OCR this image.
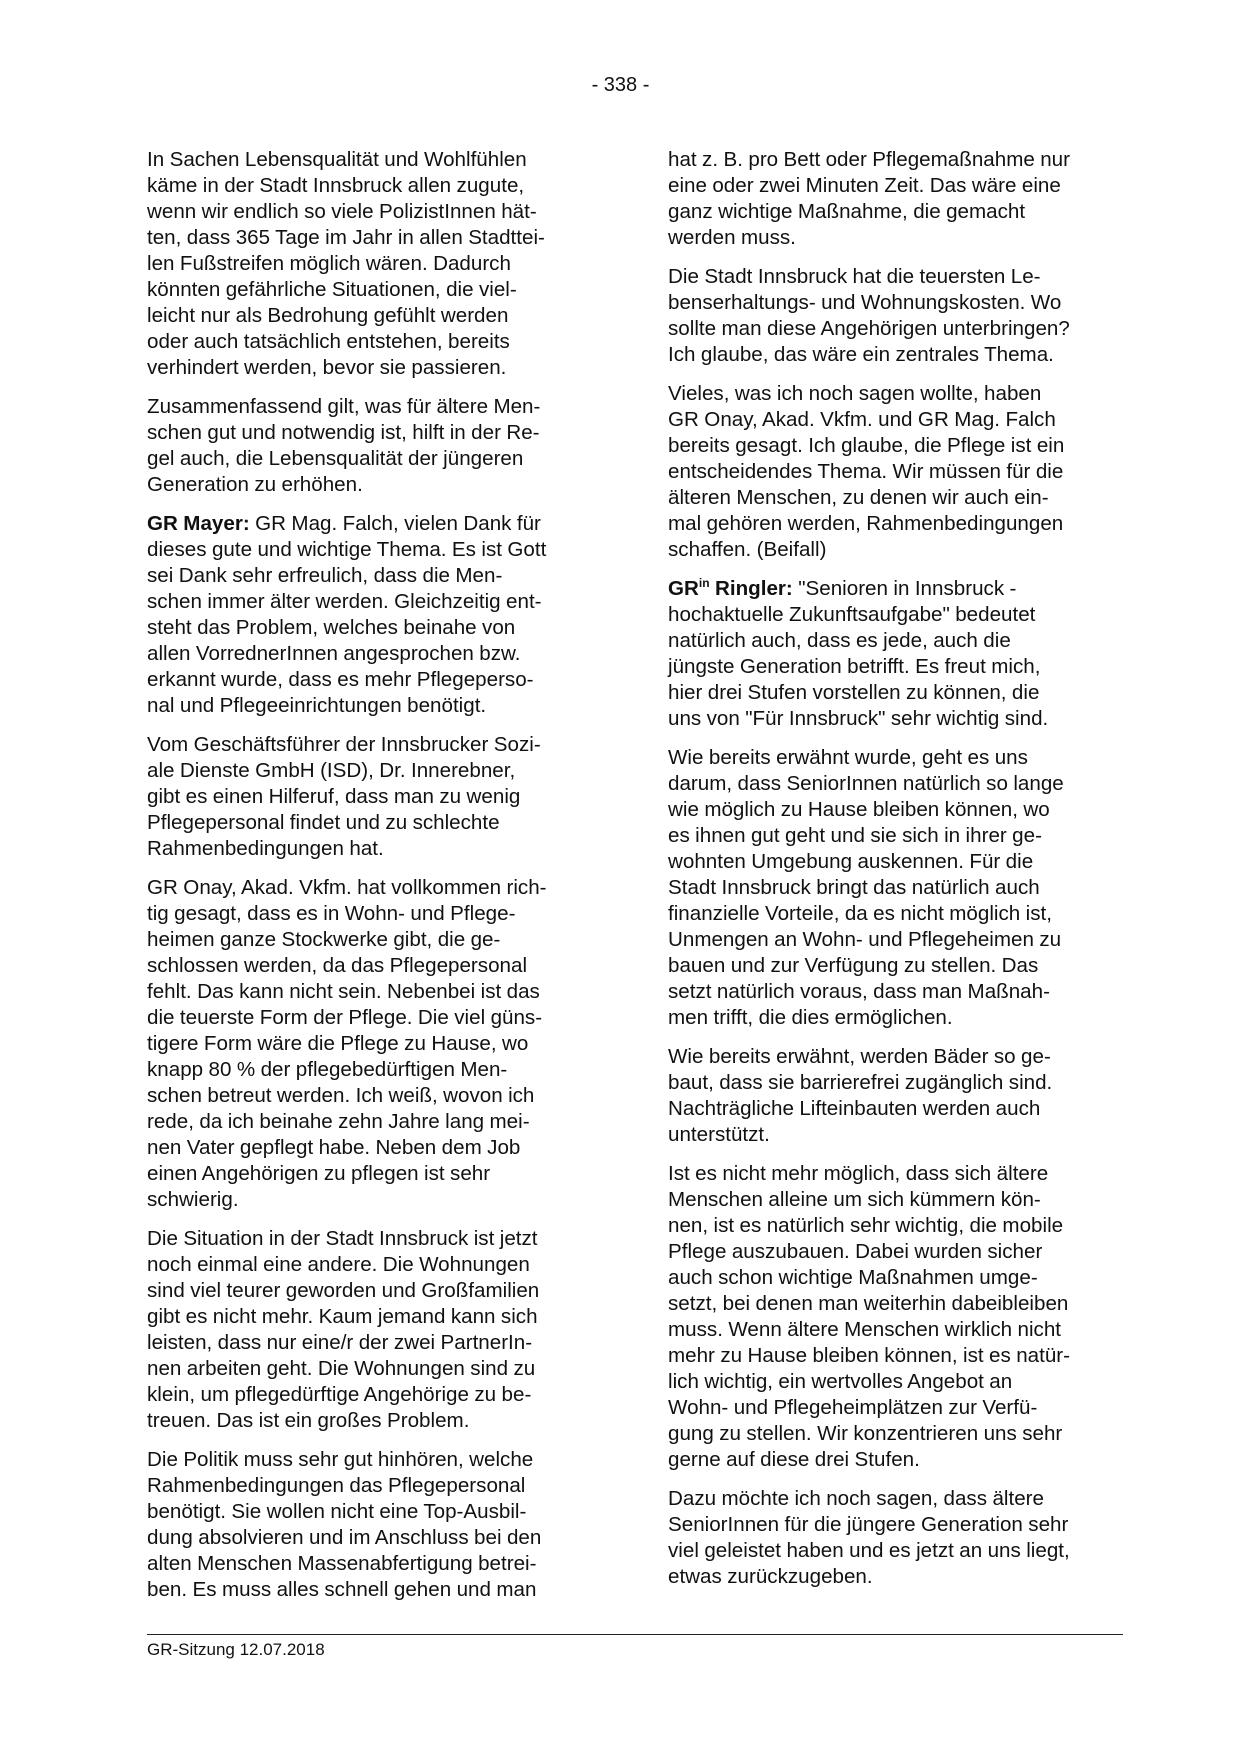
- 338 -

In Sachen Lebensqualität und Wohlfühlen
käme in der Stadt Innsbruck allen zugute,
wenn wir endlich so viele PolizistInnen hät-
ten, dass 365 Tage im Jahr in allen Stadttei-
len Fußstreifen möglich wären. Dadurch
könnten gefährliche Situationen, die viel-
leicht nur als Bedrohung gefühlt werden
oder auch tatsächlich entstehen, bereits
verhindert werden, bevor sie passieren.

Zusammenfassend gilt, was für ältere Men-
schen gut und notwendig ist, hilft in der Re-
gel auch, die Lebensqualität der jüngeren
Generation zu erhöhen.

GR Mayer: GR Mag. Falch, vielen Dank für
dieses gute und wichtige Thema. Es ist Gott
sei Dank sehr erfreulich, dass die Men-
schen immer älter werden. Gleichzeitig ent-
steht das Problem, welches beinahe von
allen VorrednerInnen angesprochen bzw.
erkannt wurde, dass es mehr Pflegeperso-
nal und Pflegeeinrichtungen benötigt.

Vom Geschäftsführer der Innsbrucker Sozi-
ale Dienste GmbH (ISD), Dr. Innerebner,
gibt es einen Hilferuf, dass man zu wenig
Pflegepersonal findet und zu schlechte
Rahmenbedingungen hat.

GR Onay, Akad. Vkfm. hat vollkommen rich-
tig gesagt, dass es in Wohn- und Pflege-
heimen ganze Stockwerke gibt, die ge-
schlossen werden, da das Pflegepersonal
fehlt. Das kann nicht sein. Nebenbei ist das
die teuerste Form der Pflege. Die viel güns-
tigere Form wäre die Pflege zu Hause, wo
knapp 80 % der pflegebedürftigen Men-
schen betreut werden. Ich weiß, wovon ich
rede, da ich beinahe zehn Jahre lang mei-
nen Vater gepflegt habe. Neben dem Job
einen Angehörigen zu pflegen ist sehr
schwierig.

Die Situation in der Stadt Innsbruck ist jetzt
noch einmal eine andere. Die Wohnungen
sind viel teurer geworden und Großfamilien
gibt es nicht mehr. Kaum jemand kann sich
leisten, dass nur eine/r der zwei PartnerIn-
nen arbeiten geht. Die Wohnungen sind zu
klein, um pflegedürftige Angehörige zu be-
treuen. Das ist ein großes Problem.

Die Politik muss sehr gut hinhören, welche
Rahmenbedingungen das Pflegepersonal
benötigt. Sie wollen nicht eine Top-Ausbil-
dung absolvieren und im Anschluss bei den
alten Menschen Massenabfertigung betrei-
ben. Es muss alles schnell gehen und man

hat z. B. pro Bett oder Pflegemaßnahme nur
eine oder zwei Minuten Zeit. Das wäre eine
ganz wichtige Maßnahme, die gemacht
werden muss.

Die Stadt Innsbruck hat die teuersten Le-
benserhaltungs- und Wohnungskosten. Wo
sollte man diese Angehörigen unterbringen?
Ich glaube, das wäre ein zentrales Thema.

Vieles, was ich noch sagen wollte, haben
GR Onay, Akad. Vkfm. und GR Mag. Falch
bereits gesagt. Ich glaube, die Pflege ist ein
entscheidendes Thema. Wir müssen für die
älteren Menschen, zu denen wir auch ein-
mal gehören werden, Rahmenbedingungen
schaffen. (Beifall)

$GR^{in}$ Ringler: "Senioren in Innsbruck -
hochaktuelle Zukunftsaufgabe" bedeutet
natürlich auch, dass es jede, auch die
jüngste Generation betrifft. Es freut mich,
hier drei Stufen vorstellen zu können, die
uns von "Für Innsbruck" sehr wichtig sind.

Wie bereits erwähnt wurde, geht es uns
darum, dass SeniorInnen natürlich so lange
wie möglich zu Hause bleiben können, wo
es ihnen gut geht und sie sich in ihrer ge-
wohnten Umgebung auskennen. Für die
Stadt Innsbruck bringt das natürlich auch
finanzielle Vorteile, da es nicht möglich ist,
Unmengen an Wohn- und Pflegeheimen zu
bauen und zur Verfügung zu stellen. Das
setzt natürlich voraus, dass man Maßnah-
men trifft, die dies ermöglichen.

Wie bereits erwähnt, werden Bäder so ge-
baut, dass sie barrierefrei zugänglich sind.
Nachträgliche Lifteinbauten werden auch
unterstützt.

Ist es nicht mehr möglich, dass sich ältere
Menschen alleine um sich kümmern kön-
nen, ist es natürlich sehr wichtig, die mobile
Pflege auszubauen. Dabei wurden sicher
auch schon wichtige Maßnahmen umge-
setzt, bei denen man weiterhin dabeibleiben
muss. Wenn ältere Menschen wirklich nicht
mehr zu Hause bleiben können, ist es natür-
lich wichtig, ein wertvolles Angebot an
Wohn- und Pflegeheimplätzen zur Verfü-
gung zu stellen. Wir konzentrieren uns sehr
gerne auf diese drei Stufen.

Dazu möchte ich noch sagen, dass ältere
SeniorInnen für die jüngere Generation sehr
viel geleistet haben und es jetzt an uns liegt,
etwas zurückzugeben.

GR-Sitzung 12.07.2018
